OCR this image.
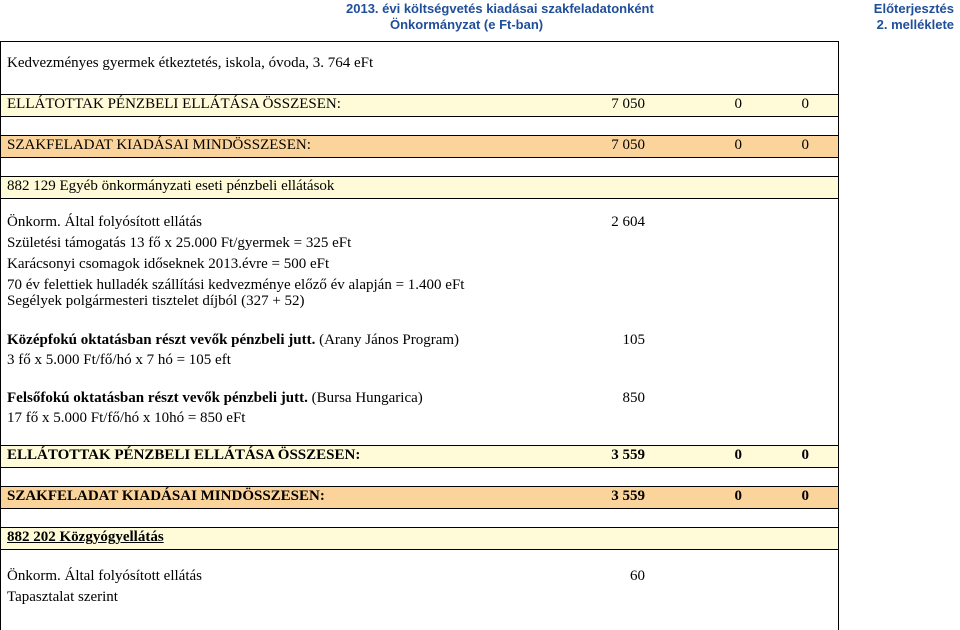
2013. évi költségvetés kiadásai szakfeladatonként
Önkormányzat (e Ft-ban)
Előterjesztés
2. melléklete
Kedvezményes gyermek étkeztetés, iskola, óvoda, 3. 764 eFt
ELLÁTOTTAK PÉNZBELI ELLÁTÁSA ÖSSZESEN:	7 050	0	0
SZAKFELADAT KIADÁSAI MINDÖSSZESEN:	7 050	0	0
882 129 Egyéb önkormányzati eseti pénzbeli ellátások
Önkorm. Által folyósított ellátás	2 604
Születési támogatás 13 fő x 25.000 Ft/gyermek = 325 eFt
Karácsonyi csomagok időseknek 2013.évre = 500 eFt
70 év felettiek hulladék szállítási kedvezménye előző év alapján = 1.400 eFt
Segélyek polgármesteri tisztelet díjból (327 + 52)
Középfokú oktatásban részt vevők pénzbeli jutt. (Arany János Program)	105
3 fő x 5.000 Ft/fő/hó x 7 hó = 105 eft
Felsőfokú oktatásban részt vevők pénzbeli jutt. (Bursa Hungarica)	850
17 fő x 5.000 Ft/fő/hó x 10hó = 850 eFt
ELLÁTOTTAK PÉNZBELI ELLÁTÁSA ÖSSZESEN:	3 559	0	0
SZAKFELADAT KIADÁSAI MINDÖSSZESEN:	3 559	0	0
882 202 Közgyógyellátás
Önkorm. Által folyósított ellátás	60
Tapasztalat szerint
